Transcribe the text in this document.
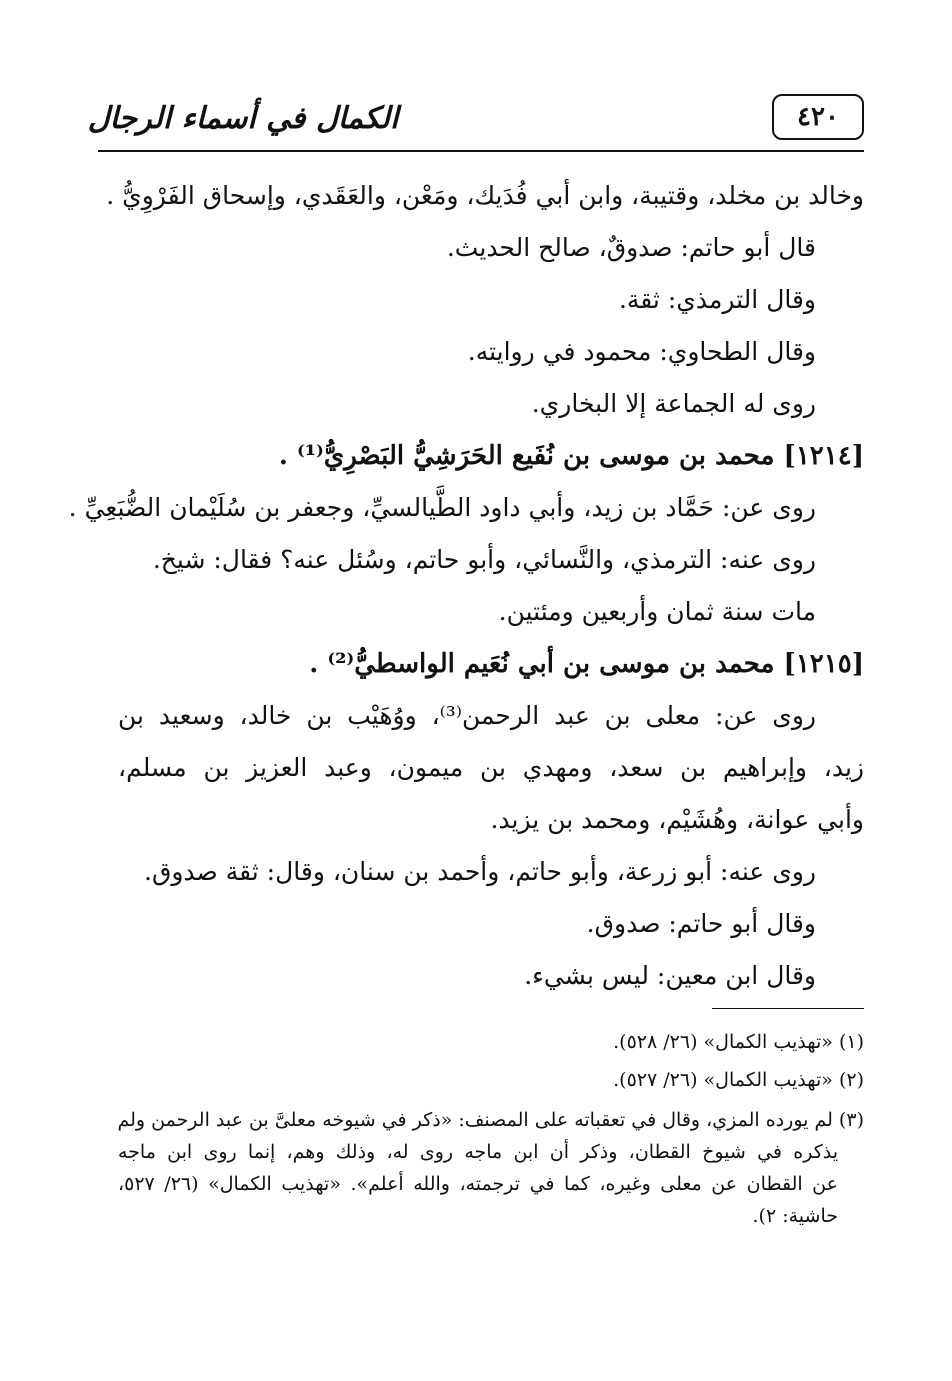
٤٢٠
الكمال في أسماء الرجال
وخالد بن مخلد، وقتيبة، وابن أبي فُدَيك، ومَعْن، والعَقَدي، وإسحاق الفَرْوِيُّ .
قال أبو حاتم: صدوقٌ، صالح الحديث.
وقال الترمذي: ثقة.
وقال الطحاوي: محمود في روايته.
روى له الجماعة إلا البخاري.
[١٢١٤] محمد بن موسى بن نُفَيع الحَرَشِيُّ البَصْرِيُّ⁽¹⁾ .
روى عن: حَمَّاد بن زيد، وأبي داود الطَّيالسيِّ، وجعفر بن سُلَيْمان الضُّبَعِيِّ .
روى عنه: الترمذي، والنَّسائي، وأبو حاتم، وسُئل عنه؟ فقال: شيخ.
مات سنة ثمان وأربعين ومئتين.
[١٢١٥] محمد بن موسى بن أبي نُعَيم الواسطيُّ⁽²⁾ .
روى عن: معلى بن عبد الرحمن⁽³⁾، ووُهَيْب بن خالد، وسعيد بن
زيد، وإبراهيم بن سعد، ومهدي بن ميمون، وعبد العزيز بن مسلم،
وأبي عوانة، وهُشَيْم، ومحمد بن يزيد.
روى عنه: أبو زرعة، وأبو حاتم، وأحمد بن سنان، وقال: ثقة صدوق.
وقال أبو حاتم: صدوق.
وقال ابن معين: ليس بشيء.
(١) «تهذيب الكمال» (٢٦/ ٥٢٨).
(٢) «تهذيب الكمال» (٢٦/ ٥٢٧).
(٣) لم يورده المزي، وقال في تعقباته على المصنف: «ذكر في شيوخه معلىَّ بن عبد الرحمن ولم
يذكره في شيوخ القطان، وذكر أن ابن ماجه روى له، وذلك وهم، إنما روى ابن ماجه
عن القطان عن معلى وغيره، كما في ترجمته، والله أعلم». «تهذيب الكمال» (٢٦/ ٥٢٧،
حاشية: ٢).
